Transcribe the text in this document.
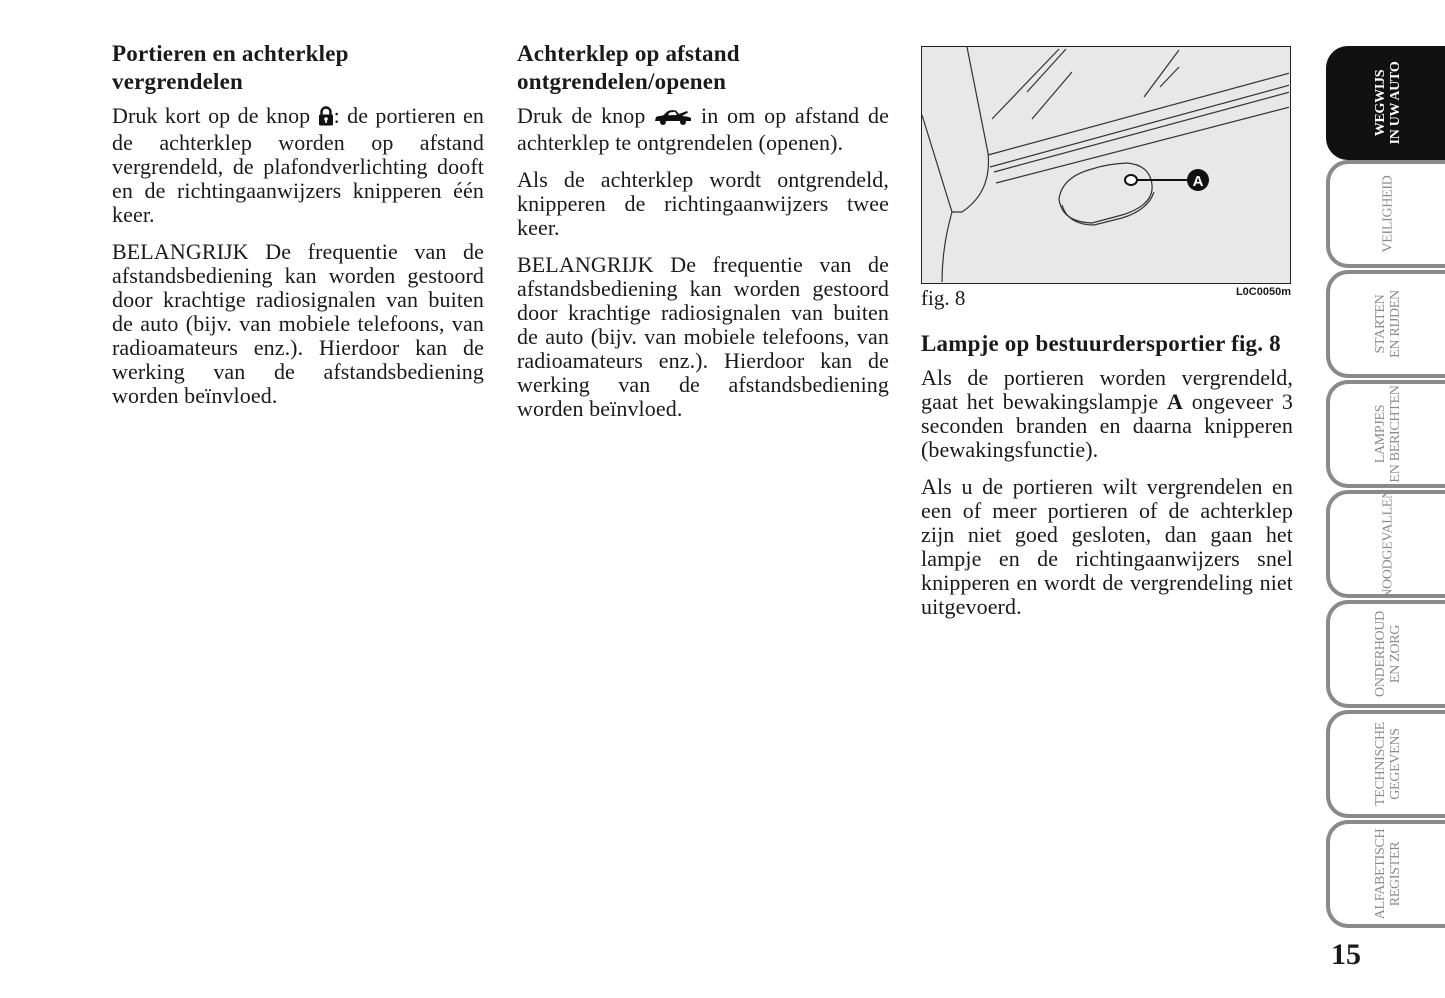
Portieren en achterklep vergrendelen

Druk kort op de knop : de portieren en de achterklep worden op afstand vergrendeld, de plafondverlichting dooft en de richtingaanwijzers knipperen één keer.

BELANGRIJK De frequentie van de afstandsbediening kan worden gestoord door krachtige radiosignalen van buiten de auto (bijv. van mobiele telefoons, van radioamateurs enz.). Hierdoor kan de werking van de afstandsbediening worden beïnvloed.

Achterklep op afstand ontgrendelen/openen

Druk de knop  in om op afstand de achterklep te ontgrendelen (openen).

Als de achterklep wordt ontgrendeld, knipperen de richtingaanwijzers twee keer.

BELANGRIJK De frequentie van de afstandsbediening kan worden gestoord door krachtige radiosignalen van buiten de auto (bijv. van mobiele telefoons, van radioamateurs enz.). Hierdoor kan de werking van de afstandsbediening worden beïnvloed.

A
fig. 8	L0C0050m
Lampje op bestuurdersportier fig. 8

Als de portieren worden vergrendeld, gaat het bewakingslampje A ongeveer 3 seconden branden en daarna knipperen (bewakingsfunctie).

Als u de portieren wilt vergrendelen en een of meer portieren of de achterklep zijn niet goed gesloten, dan gaan het lampje en de richtingaanwijzers snel knipperen en wordt de vergrendeling niet uitgevoerd.

WEGWIJS IN UW AUTO
VEILIGHEID
STARTEN EN RIJDEN
LAMPJES EN BERICHTEN
NOODGEVALLEN
ONDERHOUD EN ZORG
TECHNISCHE GEGEVENS
ALFABETISCH REGISTER
15
